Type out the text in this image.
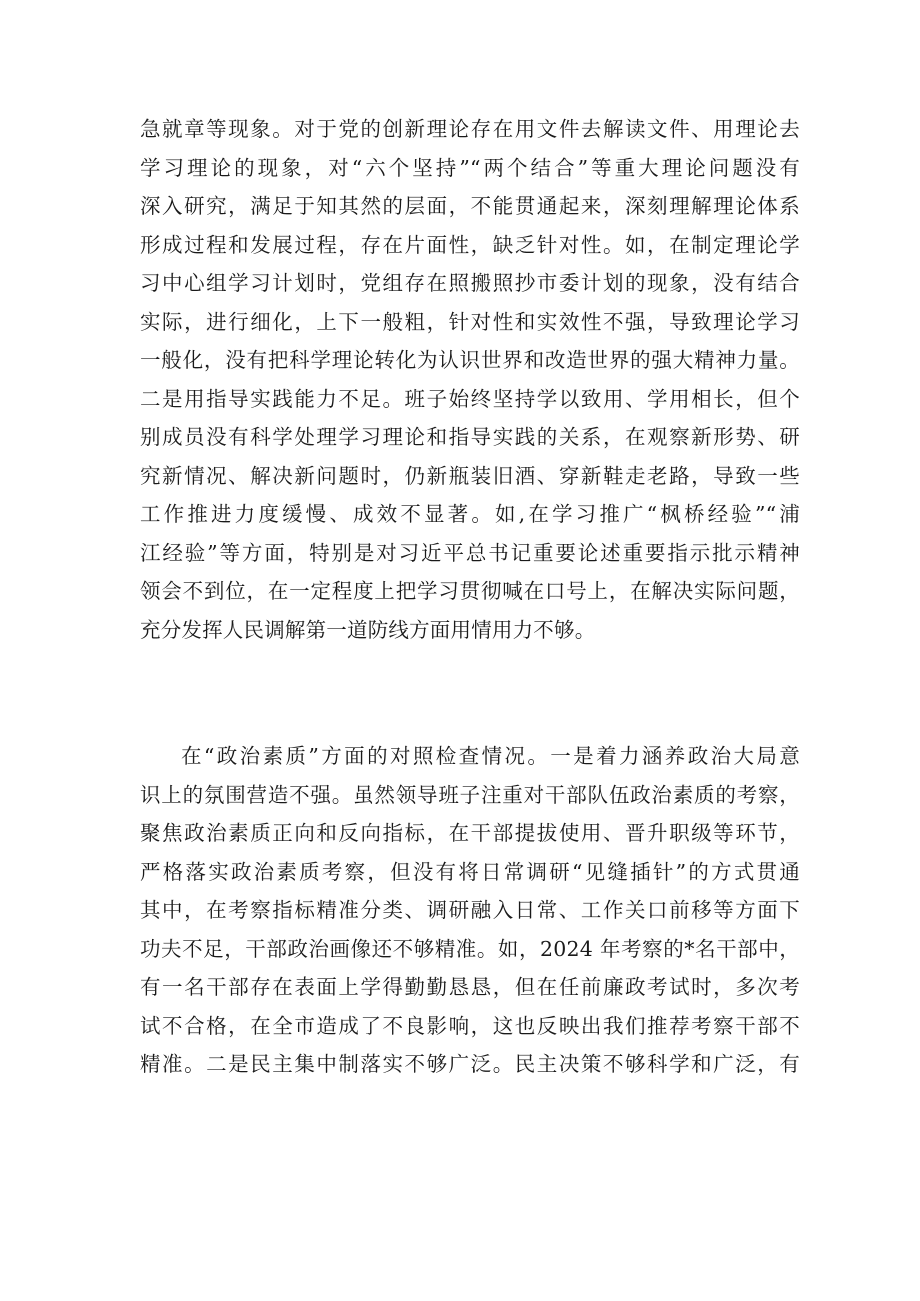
急就章等现象。对于党的创新理论存在用文件去解读文件、用理论去
学习理论的现象，对“六个坚持”“两个结合”等重大理论问题没有
深入研究，满足于知其然的层面，不能贯通起来，深刻理解理论体系
形成过程和发展过程，存在片面性，缺乏针对性。如，在制定理论学
习中心组学习计划时，党组存在照搬照抄市委计划的现象，没有结合
实际，进行细化，上下一般粗，针对性和实效性不强，导致理论学习
一般化，没有把科学理论转化为认识世界和改造世界的强大精神力量。
二是用指导实践能力不足。班子始终坚持学以致用、学用相长，但个
别成员没有科学处理学习理论和指导实践的关系，在观察新形势、研
究新情况、解决新问题时，仍新瓶装旧酒、穿新鞋走老路，导致一些
工作推进力度缓慢、成效不显著。如,在学习推广“枫桥经验”“浦
江经验”等方面，特别是对习近平总书记重要论述重要指示批示精神
领会不到位，在一定程度上把学习贯彻喊在口号上，在解决实际问题，
充分发挥人民调解第一道防线方面用情用力不够。
在“政治素质”方面的对照检查情况。一是着力涵养政治大局意
识上的氛围营造不强。虽然领导班子注重对干部队伍政治素质的考察，
聚焦政治素质正向和反向指标，在干部提拔使用、晋升职级等环节，
严格落实政治素质考察，但没有将日常调研“见缝插针”的方式贯通
其中，在考察指标精准分类、调研融入日常、工作关口前移等方面下
功夫不足，干部政治画像还不够精准。如，2024 年考察的*名干部中，
有一名干部存在表面上学得勤勤恳恳，但在任前廉政考试时，多次考
试不合格，在全市造成了不良影响，这也反映出我们推荐考察干部不
精准。二是民主集中制落实不够广泛。民主决策不够科学和广泛，有
